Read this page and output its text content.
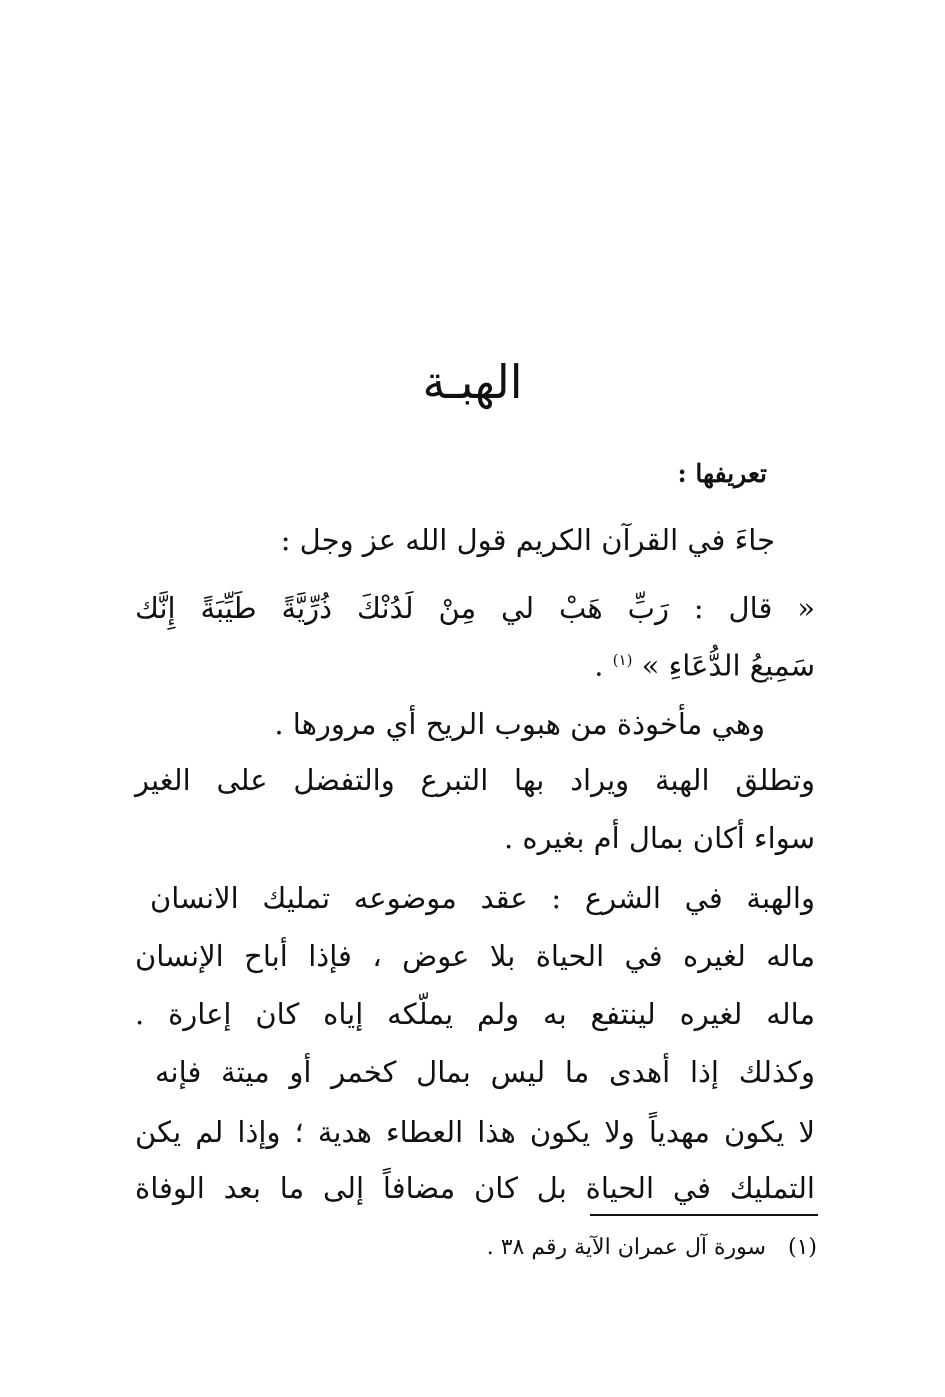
الهبـة
تعريفها :
جاءَ في القرآن الكريم قول الله عز وجل :
« قال : رَبِّ هَبْ لي مِنْ لَدُنْكَ ذُرِّيَّةً طَيِّبَةً إِنَّك
سَمِيعُ الدُّعَاءِ » $^{(١)}$ .
وهي مأخوذة من هبوب الريح أي مرورها .
وتطلق الهبة ويراد بها التبرع والتفضل على الغير
سواء أكان بمال أم بغيره .
والهبة في الشرع : عقد موضوعه تمليك الانسان
ماله لغيره في الحياة بلا عوض ، فإذا أباح الإنسان
ماله لغيره لينتفع به ولم يملّكه إياه كان إعارة .
وكذلك إذا أهدى ما ليس بمال كخمر أو ميتة فإنه
لا يكون مهدياً ولا يكون هذا العطاء هدية ؛ وإذا لم يكن
التمليك في الحياة بل كان مضافاً إلى ما بعد الوفاة
(١)سورة آل عمران الآية رقم ٣٨ .
